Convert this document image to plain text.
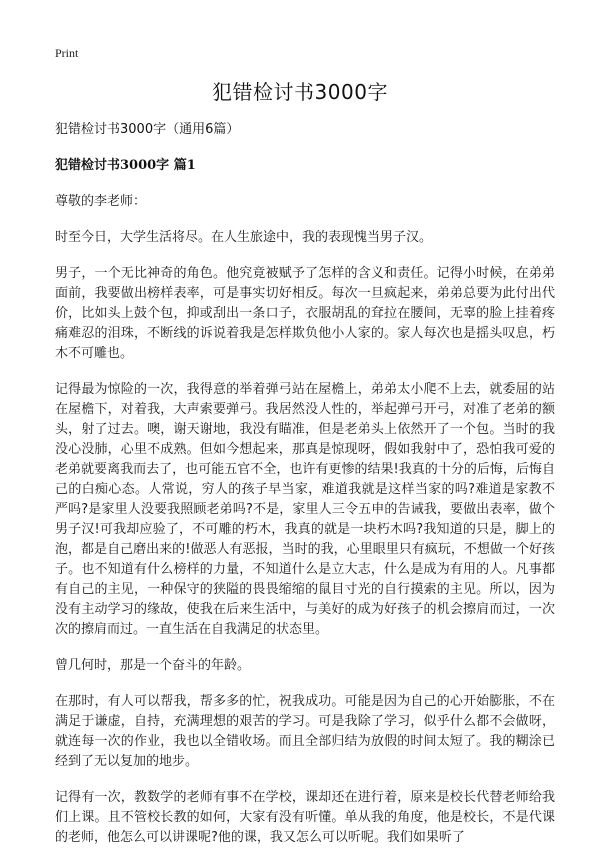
Print
犯错检讨书3000字

犯错检讨书3000字（通用6篇）

犯错检讨书3000字 篇1

尊敬的李老师：

时至今日，大学生活将尽。在人生旅途中，我的表现愧当男子汉。

男子，一个无比神奇的角色。他究竟被赋予了怎样的含义和责任。记得小时候，在弟弟面前，我要做出榜样表率，可是事实切好相反。每次一旦疯起来，弟弟总要为此付出代价，比如头上鼓个包，抑或刮出一条口子，衣服胡乱的耷拉在腰间，无辜的脸上挂着疼痛难忍的泪珠，不断线的诉说着我是怎样欺负他小人家的。家人每次也是摇头叹息，朽木不可雕也。

记得最为惊险的一次，我得意的举着弹弓站在屋檐上，弟弟太小爬不上去，就委屈的站在屋檐下，对着我，大声索要弹弓。我居然没人性的，举起弹弓开弓，对准了老弟的额头，射了过去。噢，谢天谢地，我没有瞄准，但是老弟头上依然开了一个包。当时的我没心没肺，心里不成熟。但如今想起来，那真是惊现呀，假如我射中了，恐怕我可爱的老弟就要离我而去了，也可能五官不全，也许有更惨的结果!我真的十分的后悔，后悔自己的白痴心态。人常说，穷人的孩子早当家，难道我就是这样当家的吗?难道是家教不严吗?是家里人没要我照顾老弟吗?不是，家里人三令五申的告诫我，要做出表率，做个男子汉!可我却应验了，不可雕的朽木，我真的就是一块朽木吗?我知道的只是，脚上的泡，都是自己磨出来的!做恶人有恶报，当时的我，心里眼里只有疯玩，不想做一个好孩子。也不知道有什么榜样的力量，不知道什么是立大志，什么是成为有用的人。凡事都有自己的主见，一种保守的狭隘的畏畏缩缩的鼠目寸光的自行摸索的主见。所以，因为没有主动学习的缘故，使我在后来生活中，与美好的成为好孩子的机会擦肩而过，一次次的擦肩而过。一直生活在自我满足的状态里。

曾几何时，那是一个奋斗的年龄。

在那时，有人可以帮我，帮多多的忙，祝我成功。可能是因为自己的心开始膨胀，不在满足于谦虚，自持，充满理想的艰苦的学习。可是我除了学习，似乎什么都不会做呀，就连每一次的作业，我也以全错收场。而且全部归结为放假的时间太短了。我的糊涂已经到了无以复加的地步。

记得有一次，教数学的老师有事不在学校，课却还在进行着，原来是校长代替老师给我们上课。且不管校长教的如何，大家有没有听懂。单从我的角度，他是校长，不是代课的老师，他怎么可以讲课呢?他的课，我又怎么可以听呢。我们如果听了
